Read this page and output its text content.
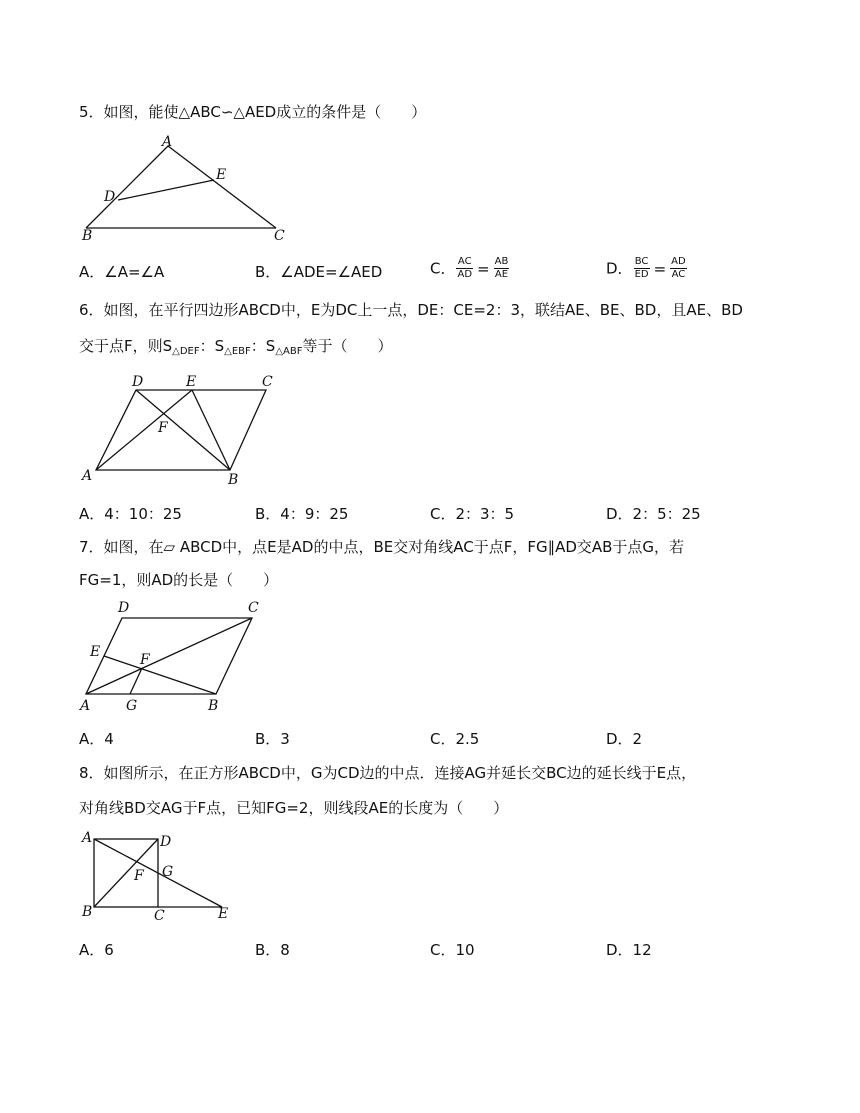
5．如图，能使△ABC∽△AED成立的条件是（　　）
A
E
D
B	C
A．∠A=∠A	B．∠ADE=∠AED	C． $\frac{AC}{AD} = \frac{AB}{AE}$	D． $\frac{BC}{ED} = \frac{AD}{AC}$
6．如图，在平行四边形ABCD中，E为DC上一点，DE：CE=2：3，联结AE、BE、BD，且AE、BD
交于点F，则$S_{\triangle DEF}$：$S_{\triangle EBF}$：$S_{\triangle ABF}$等于（　　）
D	E	C
F
A	B
A．4：10：25	B．4：9：25	C．2：3：5	D．2：5：25
7．如图，在▱ ABCD中，点E是AD的中点，BE交对角线AC于点F，FG∥AD交AB于点G，若
FG=1，则AD的长是（　　）
D	C
E	F
A	G	B
A．4	B．3	C．2.5	D．2
8．如图所示，在正方形ABCD中，G为CD边的中点．连接AG并延长交BC边的延长线于E点，
对角线BD交AG于F点，已知FG=2，则线段AE的长度为（　　）
A	D
G
F
B	C	E
A．6	B．8	C．10	D．12
